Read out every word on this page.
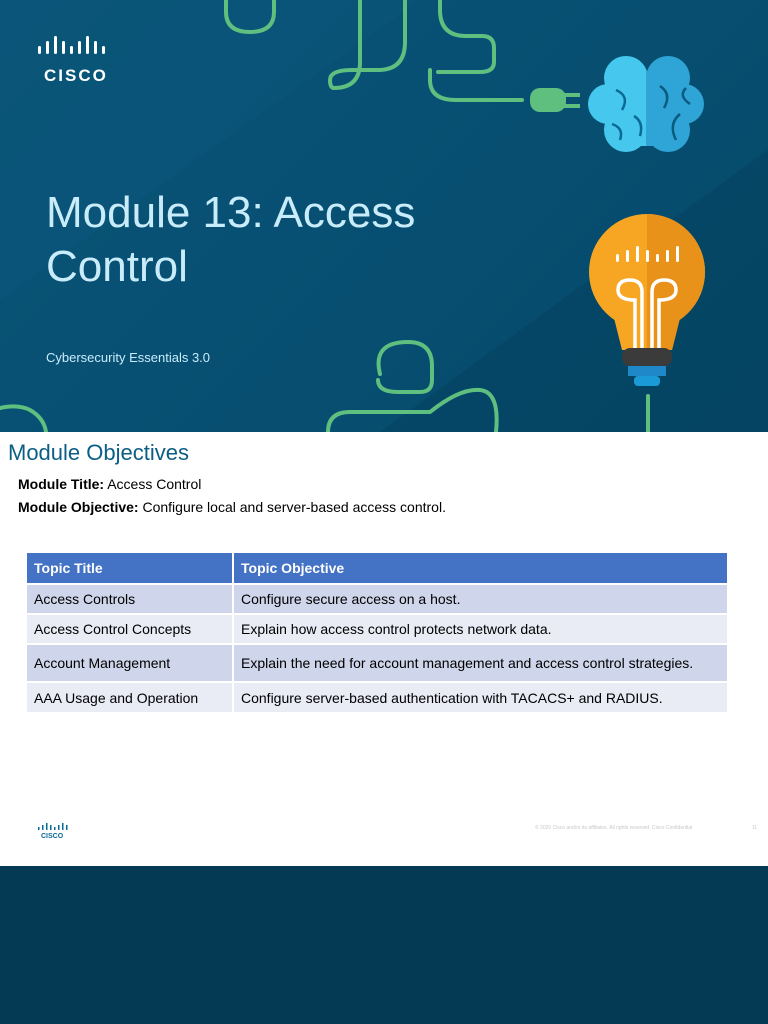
CISCO
Module 13: Access
Control
Cybersecurity Essentials 3.0
Module Objectives
Module Title: Access Control
Module Objective: Configure local and server-based access control.
Topic Title	Topic Objective
Access Controls	Configure secure access on a host.
Access Control Concepts	Explain how access control protects network data.
Account Management	Explain the need for account management and access control strategies.
AAA Usage and Operation	Configure server-based authentication with TACACS+ and RADIUS.
CISCO
© 2020 Cisco and/or its affiliates. All rights reserved. Cisco Confidential	11
